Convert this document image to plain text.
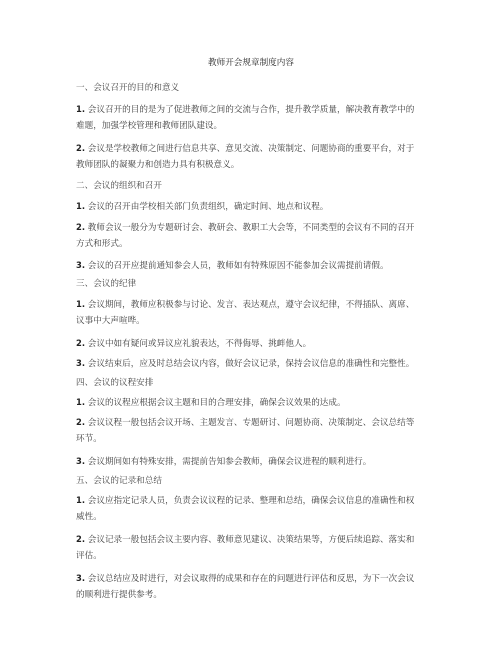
教师开会规章制度内容
一、会议召开的目的和意义
1. 会议召开的目的是为了促进教师之间的交流与合作，提升教学质量，解决教育教学中的
难题，加强学校管理和教师团队建设。
2. 会议是学校教师之间进行信息共享、意见交流、决策制定、问题协商的重要平台，对于
教师团队的凝聚力和创造力具有积极意义。
二、会议的组织和召开
1. 会议的召开由学校相关部门负责组织，确定时间、地点和议程。
2. 教师会议一般分为专题研讨会、教研会、教职工大会等，不同类型的会议有不同的召开
方式和形式。
3. 会议的召开应提前通知参会人员，教师如有特殊原因不能参加会议需提前请假。
三、会议的纪律
1. 会议期间，教师应积极参与讨论、发言、表达观点，遵守会议纪律，不得插队、离席、
议事中大声喧哗。
2. 会议中如有疑问或异议应礼貌表达，不得侮辱、挑衅他人。
3. 会议结束后，应及时总结会议内容，做好会议记录，保持会议信息的准确性和完整性。
四、会议的议程安排
1. 会议的议程应根据会议主题和目的合理安排，确保会议效果的达成。
2. 会议议程一般包括会议开场、主题发言、专题研讨、问题协商、决策制定、会议总结等
环节。
3. 会议期间如有特殊安排，需提前告知参会教师，确保会议进程的顺利进行。
五、会议的记录和总结
1. 会议应指定记录人员，负责会议议程的记录、整理和总结，确保会议信息的准确性和权
威性。
2. 会议记录一般包括会议主要内容、教师意见建议、决策结果等，方便后续追踪、落实和
评估。
3. 会议总结应及时进行，对会议取得的成果和存在的问题进行评估和反思，为下一次会议
的顺利进行提供参考。
